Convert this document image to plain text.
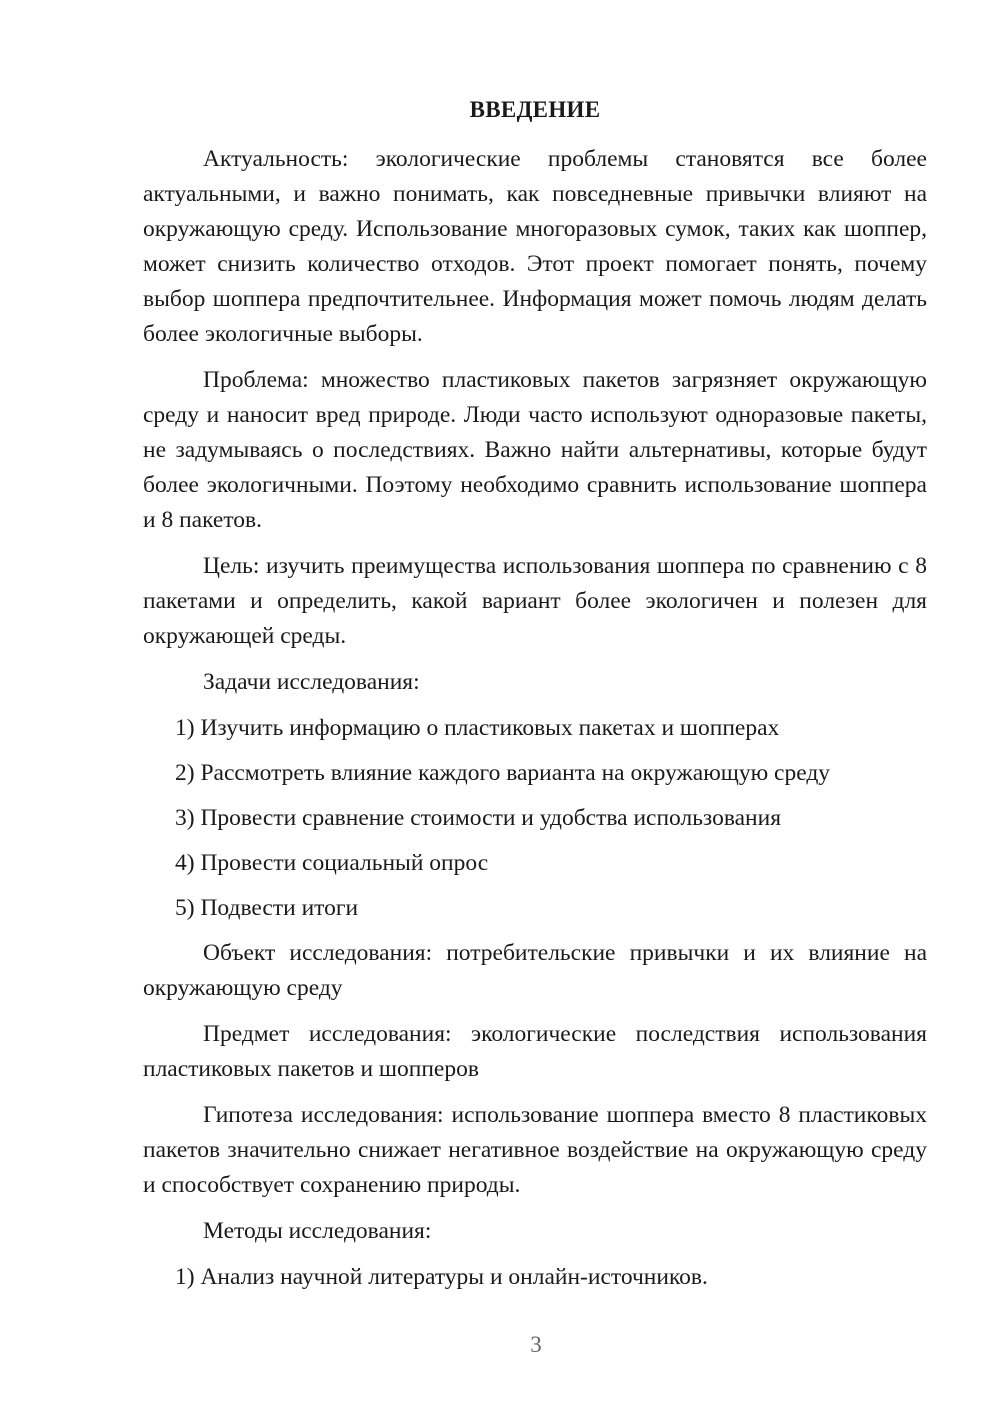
ВВЕДЕНИЕ
Актуальность: экологические проблемы становятся все более актуальными, и важно понимать, как повседневные привычки влияют на окружающую среду. Использование многоразовых сумок, таких как шоппер, может снизить количество отходов. Этот проект помогает понять, почему выбор шоппера предпочтительнее. Информация может помочь людям делать более экологичные выборы.
Проблема: множество пластиковых пакетов загрязняет окружающую среду и наносит вред природе. Люди часто используют одноразовые пакеты, не задумываясь о последствиях. Важно найти альтернативы, которые будут более экологичными. Поэтому необходимо сравнить использование шоппера и 8 пакетов.
Цель: изучить преимущества использования шоппера по сравнению с 8 пакетами и определить, какой вариант более экологичен и полезен для окружающей среды.
Задачи исследования:
1) Изучить информацию о пластиковых пакетах и шопперах
2) Рассмотреть влияние каждого варианта на окружающую среду
3) Провести сравнение стоимости и удобства использования
4) Провести социальный опрос
5) Подвести итоги
Объект исследования: потребительские привычки и их влияние на окружающую среду
Предмет исследования: экологические последствия использования пластиковых пакетов и шопперов
Гипотеза исследования: использование шоппера вместо 8 пластиковых пакетов значительно снижает негативное воздействие на окружающую среду и способствует сохранению природы.
Методы исследования:
1) Анализ научной литературы и онлайн-источников.
3
